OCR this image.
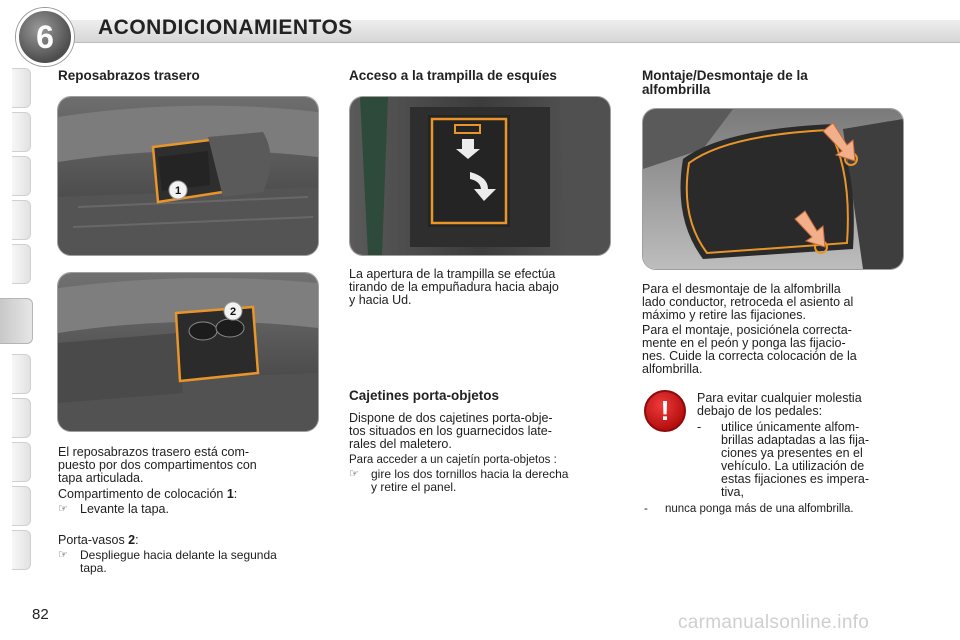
6	ACONDICIONAMIENTOS
Reposabrazos trasero
1
2
El reposabrazos trasero está com-
puesto por dos compartimentos con
tapa articulada.
Compartimento de colocación 1:
☞ Levante la tapa.
Porta-vasos 2:
☞ Despliegue hacia delante la segunda
tapa.
Acceso a la trampilla de esquíes
La apertura de la trampilla se efectúa
tirando de la empuñadura hacia abajo
y hacia Ud.
Cajetines porta-objetos
Dispone de dos cajetines porta-obje-
tos situados en los guarnecidos late-
rales del maletero.
Para acceder a un cajetín porta-objetos :
☞ gire los dos tornillos hacia la derecha
y retire el panel.
Montaje/Desmontaje de la
alfombrilla
Para el desmontaje de la alfombrilla
lado conductor, retroceda el asiento al
máximo y retire las fijaciones.
Para el montaje, posiciónela correcta-
mente en el peón y ponga las fijacio-
nes. Cuide la correcta colocación de la
alfombrilla.
!	Para evitar cualquier molestia
debajo de los pedales:
-	utilice únicamente alfom-
brillas adaptadas a las fija-
ciones ya presentes en el
vehículo. La utilización de
estas fijaciones es impera-
tiva,
-	nunca ponga más de una alfombrilla.
82	carmanualsonline.info
